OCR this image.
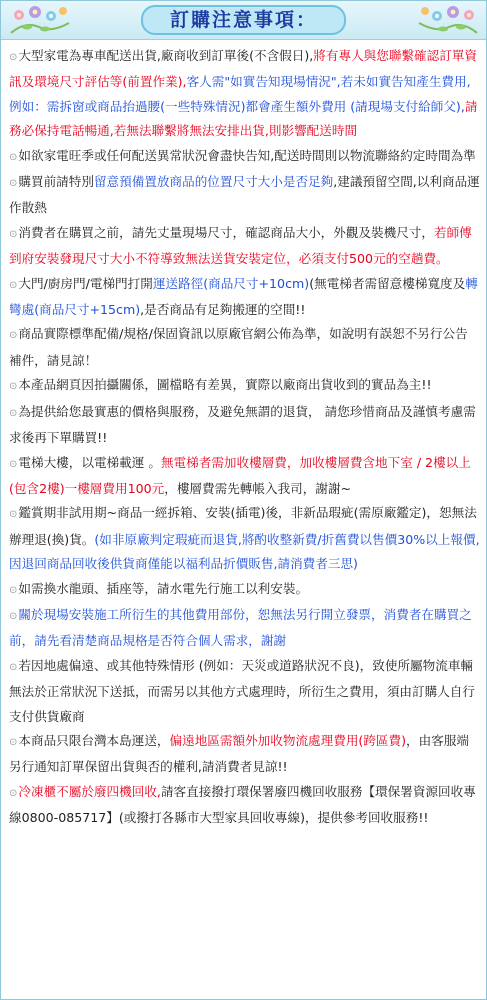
訂購注意事項：
⊙大型家電為專車配送出貨,廠商收到訂單後(不含假日),將有專人與您聯繫確認訂單資訊及環境尺寸評估等(前置作業),客人需"如實告知現場情況",若未如實告知產生費用,例如：需拆窗或商品抬過腰(一些特殊情況)都會產生額外費用 (請現場支付給師父),請務必保持電話暢通,若無法聯繫將無法安排出貨,則影響配送時間
⊙如欲家電旺季或任何配送異常狀況會盡快告知,配送時間則以物流聯絡約定時間為準
⊙購買前請特別留意預備置放商品的位置尺寸大小是否足夠,建議預留空間,以利商品運作散熱
⊙消費者在購買之前，請先丈量現場尺寸，確認商品大小，外觀及裝機尺寸，若師傅到府安裝發現尺寸大小不符導致無法送貨安裝定位，必須支付500元的空趟費。
⊙大門/廚房門/電梯門打開運送路徑(商品尺寸+10cm)(無電梯者需留意樓梯寬度及轉彎處(商品尺寸+15cm),是否商品有足夠搬運的空間!!
⊙商品實際標準配備/規格/保固資訊以原廠官網公佈為準，如說明有誤恕不另行公告補件，請見諒！
⊙本產品網頁因拍攝關係，圖檔略有差異，實際以廠商出貨收到的實品為主!!
⊙為提供給您最實惠的價格與服務，及避免無謂的退貨， 請您珍惜商品及謹慎考慮需求後再下單購買!!
⊙電梯大樓，以電梯載運 。無電梯者需加收樓層費，加收樓層費含地下室 / 2樓以上(包含2樓)一樓層費用100元，樓層費需先轉帳入我司，謝謝~
⊙鑑賞期非試用期~商品一經拆箱、安裝(插電)後，非新品瑕疵(需原廠鑑定)，恕無法辦理退(換)貨。(如非原廠判定瑕疵而退貨,將酌收整新費/折舊費以售價30%以上報價,因退回商品回收後供貨商僅能以福利品折價販售,請消費者三思)
⊙如需換水龍頭、插座等，請水電先行施工以利安裝。
⊙關於現場安裝施工所衍生的其他費用部份，恕無法另行開立發票，消費者在購買之前，請先看清楚商品規格是否符合個人需求，謝謝
⊙若因地處偏遠、或其他特殊情形 (例如：天災或道路狀況不良)，致使所屬物流車輛無法於正常狀況下送抵，而需另以其他方式處理時，所衍生之費用，須由訂購人自行支付供貨廠商
⊙本商品只限台灣本島運送，偏遠地區需額外加收物流處理費用(跨區費)，由客服端另行通知訂單保留出貨與否的權利,請消費者見諒!!
⊙冷凍櫃不屬於廢四機回收,請客直接撥打環保署廢四機回收服務【環保署資源回收專線0800-085717】(或撥打各縣市大型家具回收專線)，提供參考回收服務!!
